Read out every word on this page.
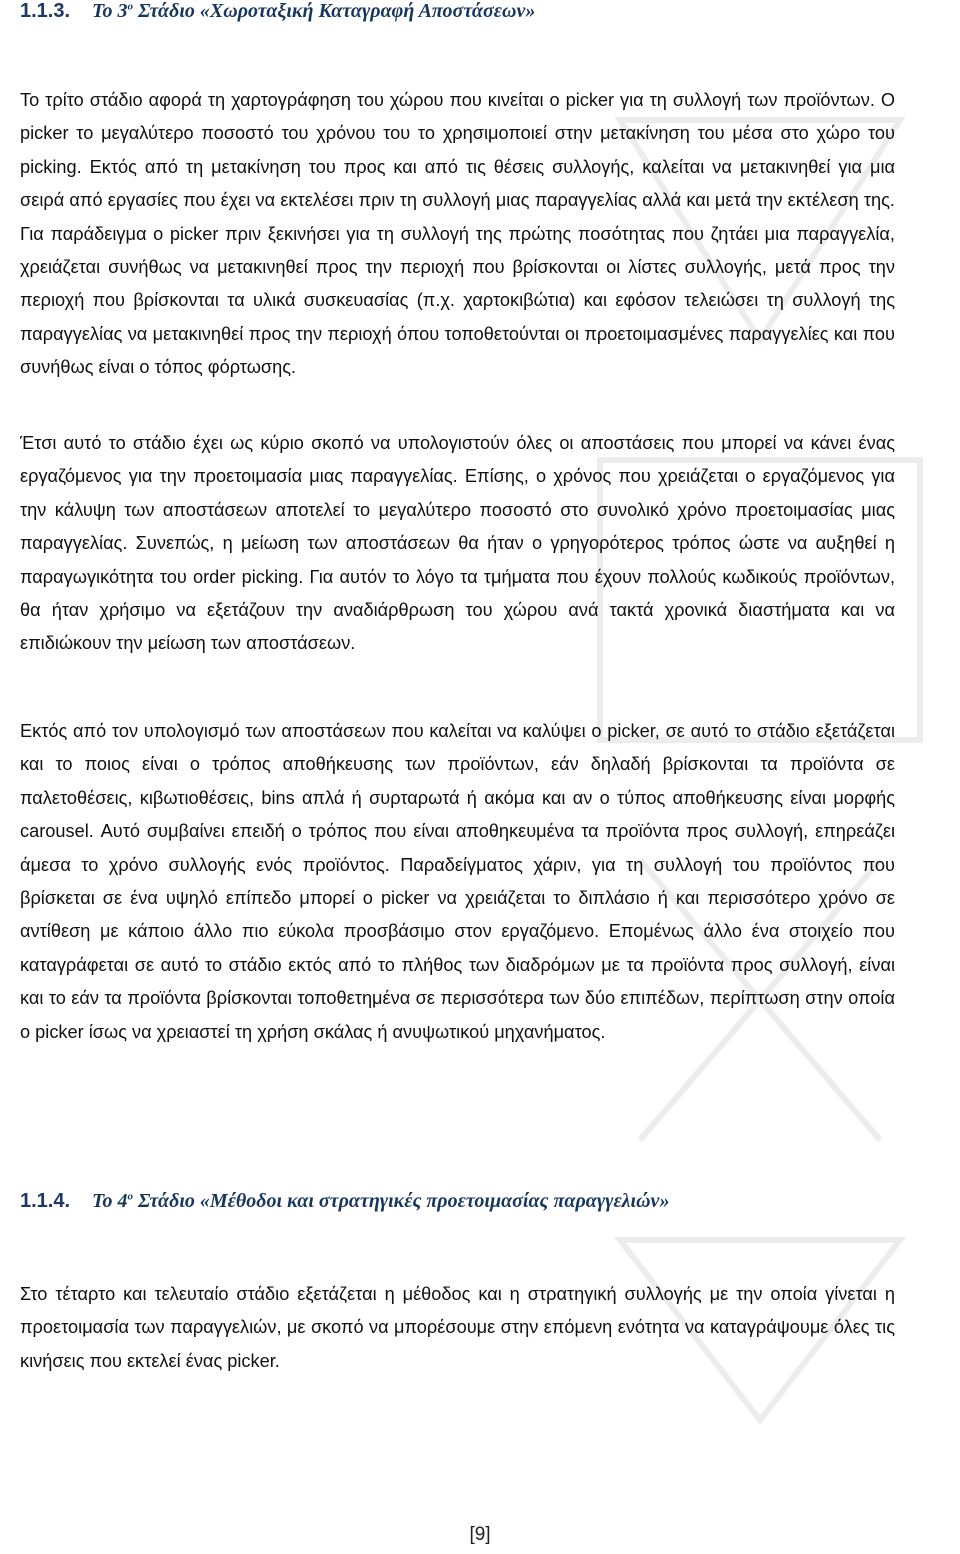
1.1.3. Το $3^o$ Στάδιο «Χωροταξική Καταγραφή Αποστάσεων»

Το τρίτο στάδιο αφορά τη χαρτογράφηση του χώρου που κινείται ο picker για τη συλλογή των προϊόντων. Ο picker το μεγαλύτερο ποσοστό του χρόνου του το χρησιμοποιεί στην μετακίνηση του μέσα στο χώρο του picking. Εκτός από τη μετακίνηση του προς και από τις θέσεις συλλογής, καλείται να μετακινηθεί για μια σειρά από εργασίες που έχει να εκτελέσει πριν τη συλλογή μιας παραγγελίας αλλά και μετά την εκτέλεση της. Για παράδειγμα ο picker πριν ξεκινήσει για τη συλλογή της πρώτης ποσότητας που ζητάει μια παραγγελία, χρειάζεται συνήθως να μετακινηθεί προς την περιοχή που βρίσκονται οι λίστες συλλογής, μετά προς την περιοχή που βρίσκονται τα υλικά συσκευασίας (π.χ. χαρτοκιβώτια) και εφόσον τελειώσει τη συλλογή της παραγγελίας να μετακινηθεί προς την περιοχή όπου τοποθετούνται οι προετοιμασμένες παραγγελίες και που συνήθως είναι ο τόπος φόρτωσης.

Έτσι αυτό το στάδιο έχει ως κύριο σκοπό να υπολογιστούν όλες οι αποστάσεις που μπορεί να κάνει ένας εργαζόμενος για την προετοιμασία μιας παραγγελίας. Επίσης, ο χρόνος που χρειάζεται ο εργαζόμενος για την κάλυψη των αποστάσεων αποτελεί το μεγαλύτερο ποσοστό στο συνολικό χρόνο προετοιμασίας μιας παραγγελίας. Συνεπώς, η μείωση των αποστάσεων θα ήταν ο γρηγορότερος τρόπος ώστε να αυξηθεί η παραγωγικότητα του order picking. Για αυτόν το λόγο τα τμήματα που έχουν πολλούς κωδικούς προϊόντων, θα ήταν χρήσιμο να εξετάζουν την αναδιάρθρωση του χώρου ανά τακτά χρονικά διαστήματα και να επιδιώκουν την μείωση των αποστάσεων.

Εκτός από τον υπολογισμό των αποστάσεων που καλείται να καλύψει ο picker, σε αυτό το στάδιο εξετάζεται και το ποιος είναι ο τρόπος αποθήκευσης των προϊόντων, εάν δηλαδή βρίσκονται τα προϊόντα σε παλετοθέσεις, κιβωτιοθέσεις, bins απλά ή συρταρωτά ή ακόμα και αν ο τύπος αποθήκευσης είναι μορφής carousel. Αυτό συμβαίνει επειδή ο τρόπος που είναι αποθηκευμένα τα προϊόντα προς συλλογή, επηρεάζει άμεσα το χρόνο συλλογής ενός προϊόντος. Παραδείγματος χάριν, για τη συλλογή του προϊόντος που βρίσκεται σε ένα υψηλό επίπεδο μπορεί ο picker να χρειάζεται το διπλάσιο ή και περισσότερο χρόνο σε αντίθεση με κάποιο άλλο πιο εύκολα προσβάσιμο στον εργαζόμενο. Επομένως άλλο ένα στοιχείο που καταγράφεται σε αυτό το στάδιο εκτός από το πλήθος των διαδρόμων με τα προϊόντα προς συλλογή, είναι και το εάν τα προϊόντα βρίσκονται τοποθετημένα σε περισσότερα των δύο επιπέδων, περίπτωση στην οποία ο picker ίσως να χρειαστεί τη χρήση σκάλας ή ανυψωτικού μηχανήματος.

1.1.4. Το $4^o$ Στάδιο «Μέθοδοι και στρατηγικές προετοιμασίας παραγγελιών»

Στο τέταρτο και τελευταίο στάδιο εξετάζεται η μέθοδος και η στρατηγική συλλογής με την οποία γίνεται η προετοιμασία των παραγγελιών, με σκοπό να μπορέσουμε στην επόμενη ενότητα να καταγράψουμε όλες τις κινήσεις που εκτελεί ένας picker.

[9]
